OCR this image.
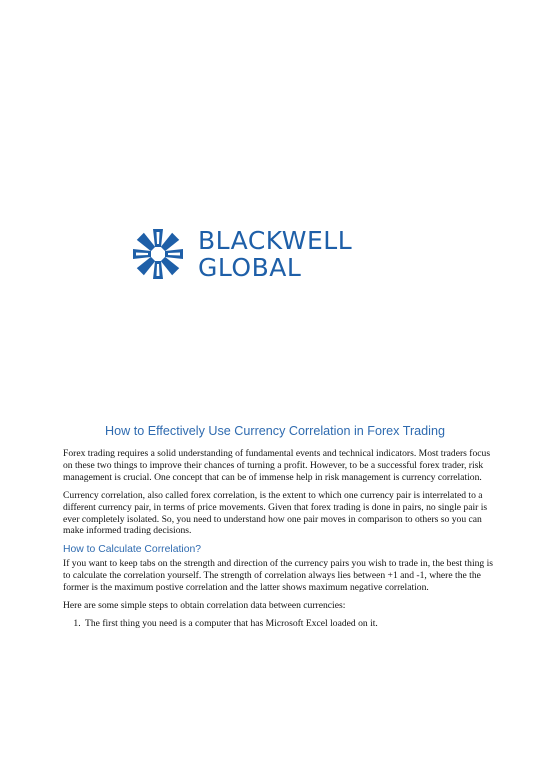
BLACKWELL
GLOBAL
How to Effectively Use Currency Correlation in Forex Trading

Forex trading requires a solid understanding of fundamental events and technical indicators. Most traders focus on these two things to improve their chances of turning a profit. However, to be a successful forex trader, risk management is crucial. One concept that can be of immense help in risk management is currency correlation.

Currency correlation, also called forex correlation, is the extent to which one currency pair is interrelated to a different currency pair, in terms of price movements. Given that forex trading is done in pairs, no single pair is ever completely isolated. So, you need to understand how one pair moves in comparison to others so you can make informed trading decisions.

How to Calculate Correlation?

If you want to keep tabs on the strength and direction of the currency pairs you wish to trade in, the best thing is to calculate the correlation yourself. The strength of correlation always lies between +1 and -1, where the the former is the maximum postive correlation and the latter shows maximum negative correlation.

Here are some simple steps to obtain correlation data between currencies:

1. The first thing you need is a computer that has Microsoft Excel loaded on it.
